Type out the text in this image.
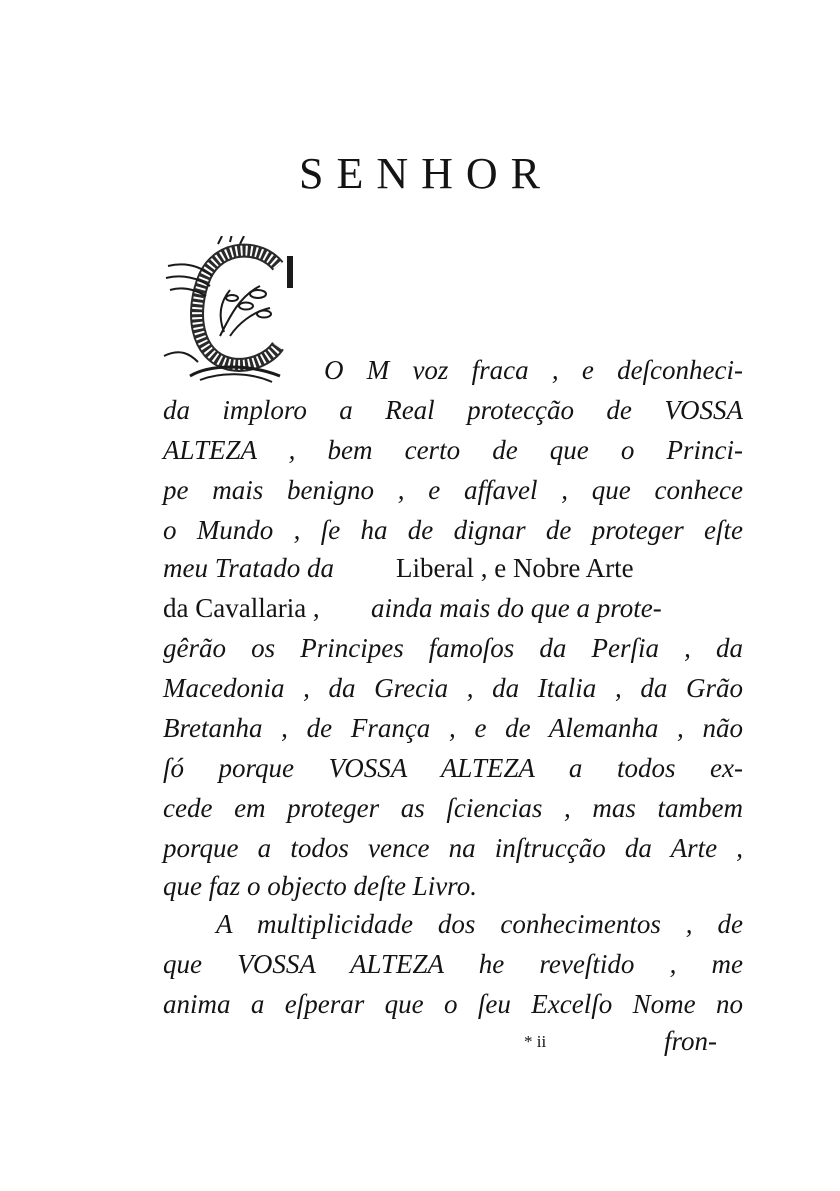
SENHOR
O M voz fraca , e deſconheci-
da imploro a Real protecção de VOSSA
ALTEZA , bem certo de que o Princi-
pe mais benigno , e affavel , que conhece
o Mundo , ſe ha de dignar de proteger eſte
meu Tratado da Liberal , e Nobre Arte
da Cavallaria , ainda mais do que a prote-
gêrão os Principes famoſos da Perſia , da
Macedonia , da Grecia , da Italia , da Grão
Bretanha , de França , e de Alemanha , não
ſó porque VOSSA ALTEZA a todos ex-
cede em proteger as ſciencias , mas tambem
porque a todos vence na inſtrucção da Arte ,
que faz o objecto deſte Livro.
A multiplicidade dos conhecimentos , de
que VOSSA ALTEZA he reveſtido , me
anima a eſperar que o ſeu Excelſo Nome no
* ii	fron-
